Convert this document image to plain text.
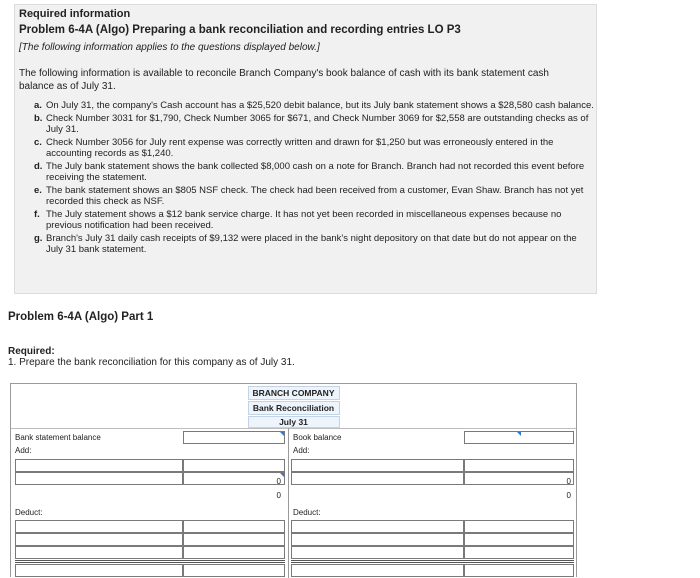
Required information
Problem 6-4A (Algo) Preparing a bank reconciliation and recording entries LO P3
[The following information applies to the questions displayed below.]
The following information is available to reconcile Branch Company's book balance of cash with its bank statement cash balance as of July 31.
a. On July 31, the company's Cash account has a $25,520 debit balance, but its July bank statement shows a $28,580 cash balance.
b. Check Number 3031 for $1,790, Check Number 3065 for $671, and Check Number 3069 for $2,558 are outstanding checks as of July 31.
c. Check Number 3056 for July rent expense was correctly written and drawn for $1,250 but was erroneously entered in the accounting records as $1,240.
d. The July bank statement shows the bank collected $8,000 cash on a note for Branch. Branch had not recorded this event before receiving the statement.
e. The bank statement shows an $805 NSF check. The check had been received from a customer, Evan Shaw. Branch has not yet recorded this check as NSF.
f. The July statement shows a $12 bank service charge. It has not yet been recorded in miscellaneous expenses because no previous notification had been received.
g. Branch's July 31 daily cash receipts of $9,132 were placed in the bank's night depository on that date but do not appear on the July 31 bank statement.
Problem 6-4A (Algo) Part 1
Required:
1. Prepare the bank reconciliation for this company as of July 31.
BRANCH COMPANY
Bank Reconciliation
July 31
Bank statement balance
Add:
0
0
Deduct:
Book balance
Add:
0
0
Deduct:
